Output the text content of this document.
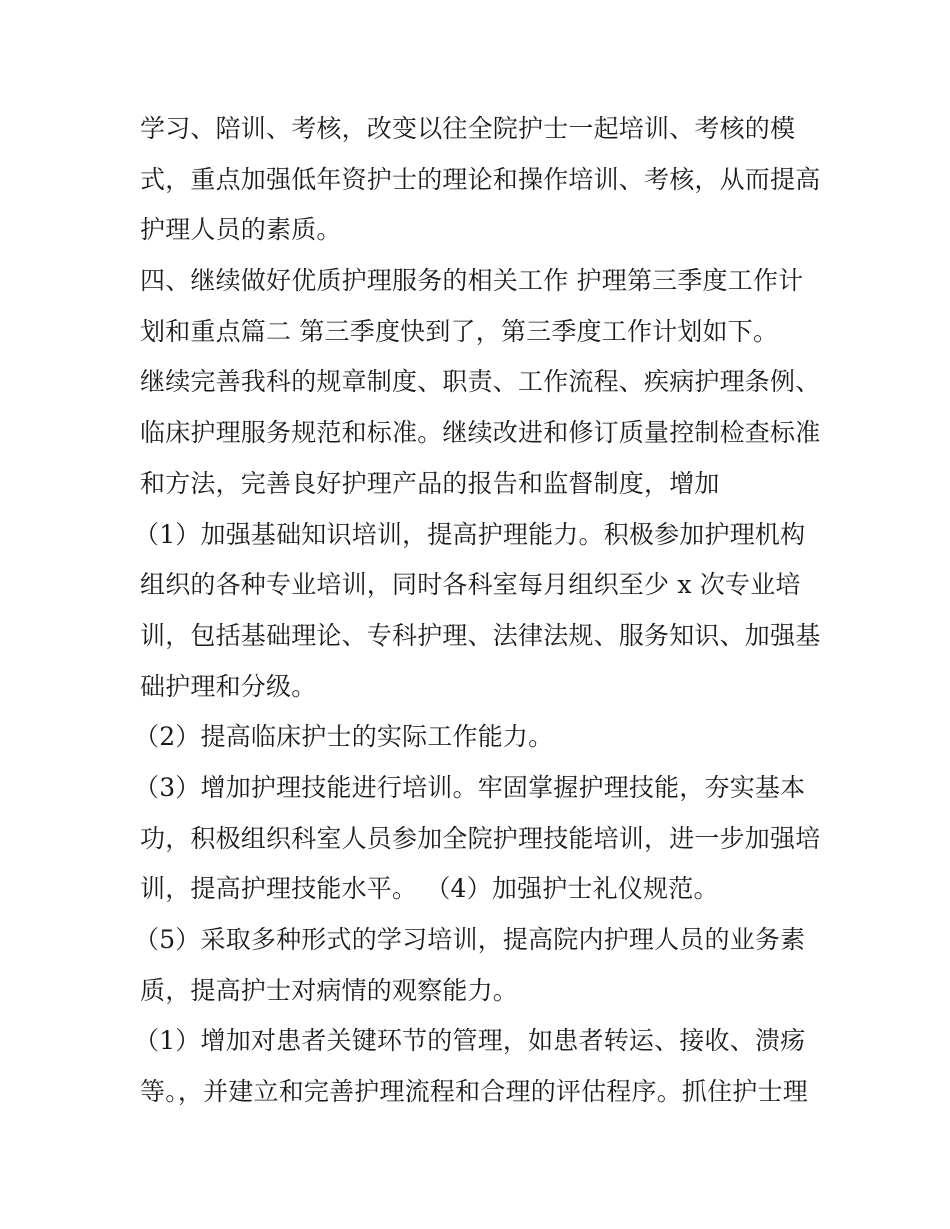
学习、陪训、考核，改变以往全院护士一起培训、考核的模
式，重点加强低年资护士的理论和操作培训、考核，从而提高
护理人员的素质。
四、继续做好优质护理服务的相关工作 护理第三季度工作计
划和重点篇二 第三季度快到了，第三季度工作计划如下。
继续完善我科的规章制度、职责、工作流程、疾病护理条例、
临床护理服务规范和标准。继续改进和修订质量控制检查标准
和方法，完善良好护理产品的报告和监督制度，增加
（1）加强基础知识培训，提高护理能力。积极参加护理机构
组织的各种专业培训，同时各科室每月组织至少 x 次专业培
训，包括基础理论、专科护理、法律法规、服务知识、加强基
础护理和分级。
（2）提高临床护士的实际工作能力。
（3）增加护理技能进行培训。牢固掌握护理技能，夯实基本
功，积极组织科室人员参加全院护理技能培训，进一步加强培
训，提高护理技能水平。 （4）加强护士礼仪规范。
（5）采取多种形式的学习培训，提高院内护理人员的业务素
质，提高护士对病情的观察能力。
（1）增加对患者关键环节的管理，如患者转运、接收、溃疡
等。，并建立和完善护理流程和合理的评估程序。抓住护士理
